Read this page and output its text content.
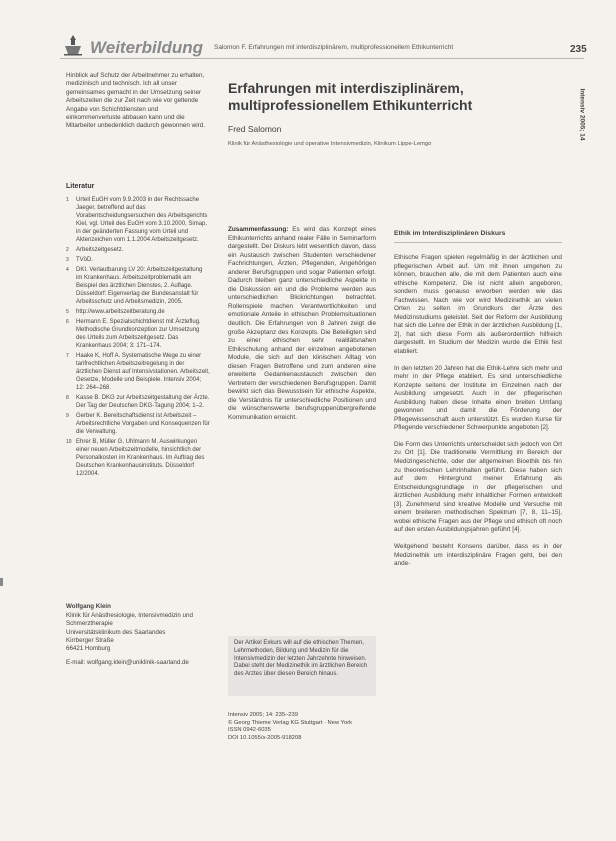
Weiterbildung Salomon F. Erfahrungen mit interdisziplinärem, multiprofessionellem Ethikunterricht	235
Intensiv 2005; 14

Hinblick auf Schutz der Arbeitnehmer zu erhalten, medizinisch und technisch. Ich all unser gemeinsames gemacht in der Umsetzung seiner Arbeitszeiten die zur Zeit nach wie vor geltende Angabe von Schichtdiensten und einkommenverluste abbauen kann und die Mitarbeiter unbedenklich dadurch gewonnen wird.

Literatur
1	Urteil EuGH vom 9.9.2003 in der Rechtssache Jaeger, betreffend auf das Vorabentscheidungsersuchen des Arbeitsgerichts Kiel, vgl. Urteil des EuGH vom 3.10.2000, Simap, in der geänderten Fassung vom Urteil und Aktenzeichen vom 1.1.2004 Arbeitszeitgesetz.
2	Arbeitszeitgesetz.
3	TVöD.
4	DKI. Verlautbarung LV 20: Arbeitszeitgestaltung im Krankenhaus. Arbeitszeitproblematik am Beispiel des ärztlichen Dienstes, 2. Auflage. Düsseldorf: Eigenverlag der Bundesanstalt für Arbeitsschutz und Arbeitsmedizin, 2005.
5	http://www.arbeitszeitberatung.de
6	Hermann E. Spezialschichtdienst mit Ärzteflug. Methodische Grundkonzeption zur Umsetzung des Urteils zum Arbeitszeitgesetz. Das Krankenhaus 2004; 3: 171–174.
7	Haake K, Hoff A. Systematische Wege zu einer tarifrechtlichen Arbeitszeitregelung in der ärztlichen Dienst auf Intensivstationen. Arbeitszeit, Gesetze, Modelle und Beispiele. Intensiv 2004; 12: 264–268.
8	Kasse B. DKG zur Arbeitszeitgestaltung der Ärzte. Der Tag der Deutschen DKG-Tagung 2004; 1–2.
9	Gerber K. Bereitschaftsdienst ist Arbeitszeit – Arbeitsrechtliche Vorgaben und Konsequenzen für die Verwaltung.
10 Ehrer B, Müller G, Uhlmann M. Auswirkungen einer neuen Arbeitszeitmodelle, hinsichtlich der Personalkosten im Krankenhaus. Im Auftrag des Deutschen Krankenhausinstituts. Düsseldorf 12/2004.
Wolfgang Klein
Klinik für Anästhesiologie, Intensivmedizin und Schmerztherapie
Universitätsklinikum des Saarlandes
Kirrberger Straße
66421 Homburg
E-mail: wolfgang.klein@uniklinik-saarland.de
Erfahrungen mit interdisziplinärem, multiprofessionellem Ethikunterricht
Fred Salomon
Klinik für Anästhesiologie und operative Intensivmedizin, Klinikum Lippe-Lemgo
Zusammenfassung: Es wird das Konzept eines Ethikunterrichts anhand realer Fälle in Seminarform dargestellt. Der Diskurs lebt wesentlich davon, dass ein Austausch zwischen Studenten verschiedener Fachrichtungen, Ärzten, Pflegenden, Angehörigen anderer Berufsgruppen und sogar Patienten erfolgt. Dadurch bleiben ganz unterschiedliche Aspekte in die Diskussion ein und die Probleme werden aus unterschiedlichen Blickrichtungen betrachtet. Rollenspiele machen Verantwortlichkeiten und emotionale Anteile in ethischen Problemsituationen deutlich. Die Erfahrungen von 8 Jahren zeigt die große Akzeptanz des Konzepts. Die Beteiligten sind zu einer ethischen sehr realitätsnahen Ethikschulung anhand der einzelnen angebotenen Module, die sich auf den klinischen Alltag von diesen Fragen Betroffene und zum anderen eine erweiterte Gedankenaustausch zwischen den Vertretern der verschiedenen Berufsgruppen. Damit bewirkt sich das Bewusstsein für ethische Aspekte, die Verständnis für unterschiedliche Positionen und die wünschenswerte berufsgruppenübergreifende Kommunikation erreicht.
Der Artikel Exkurs will auf die ethischen Themen, Lehrmethoden, Bildung und Medizin für die Intensivmedizin der letzten Jahrzehnte hinweisen. Dabei steht der Medizinethik im ärztlichen Bereich des Arztes über diesen Bereich hinaus.
Intensiv 2005; 14: 235–239
© Georg Thieme Verlag KG Stuttgart · New York
ISSN 0942-6035
DOI 10.1055/s-2005-918208
Ethik im Interdisziplinären Diskurs

Ethische Fragen spielen regelmäßig in der ärztlichen und pflegerischen Arbeit auf. Um mit ihnen umgehen zu können, brauchen alle, die mit dem Patienten auch eine ethische Kompetenz. Die ist nicht allein angeboren, sondern muss genauso erworben werden wie das Fachwissen. Nach wie vor wird Medizinethik an vielen Orten zu selten im Grundkurs der Ärzte des Medizinstudiums geleistet. Seit der Reform der Ausbildung hat sich die Lehre der Ethik in der ärztlichen Ausbildung [1, 2], hat sich diese Form als außerordentlich hilfreich dargestellt. Im Studium der Medizin wurde die Ethik fest etabliert.

In den letzten 20 Jahren hat die Ethik-Lehre sich mehr und mehr in der Pflege etabliert. Es sind unterschiedliche Konzepte seitens der Institute im Einzelnen nach der Ausbildung umgesetzt. Auch in der pflegerischen Ausbildung haben diese Inhalte einen breiten Umfang gewonnen und damit die Förderung der Pflegewissenschaft auch unterstützt. Es wurden Kurse für Pflegende verschiedener Schwerpunkte angeboten [2].

Die Form des Unterrichts unterscheidet sich jedoch von Ort zu Ort [1]. Die traditionelle Vermittlung im Bereich der Medizingeschichte, oder der allgemeinen Bioethik bis hin zu theoretischen Lehrinhalten geführt. Diese haben sich auf dem Hintergrund meiner Erfahrung als Entscheidungsgrundlage in der pflegerischen und ärztlichen Ausbildung mehr inhaltlicher Formen entwickelt [3]. Zunehmend sind kreative Modelle und Versuche mit einem breiteren methodischen Spektrum [7, 8, 11–15], wobei ethische Fragen aus der Pflege und ethisch oft noch auf den ersten Ausbildungsjahren geführt [4].

Weitgehend besteht Konsens darüber, dass es in der Medizinethik um interdisziplinäre Fragen geht, bei den ande-
